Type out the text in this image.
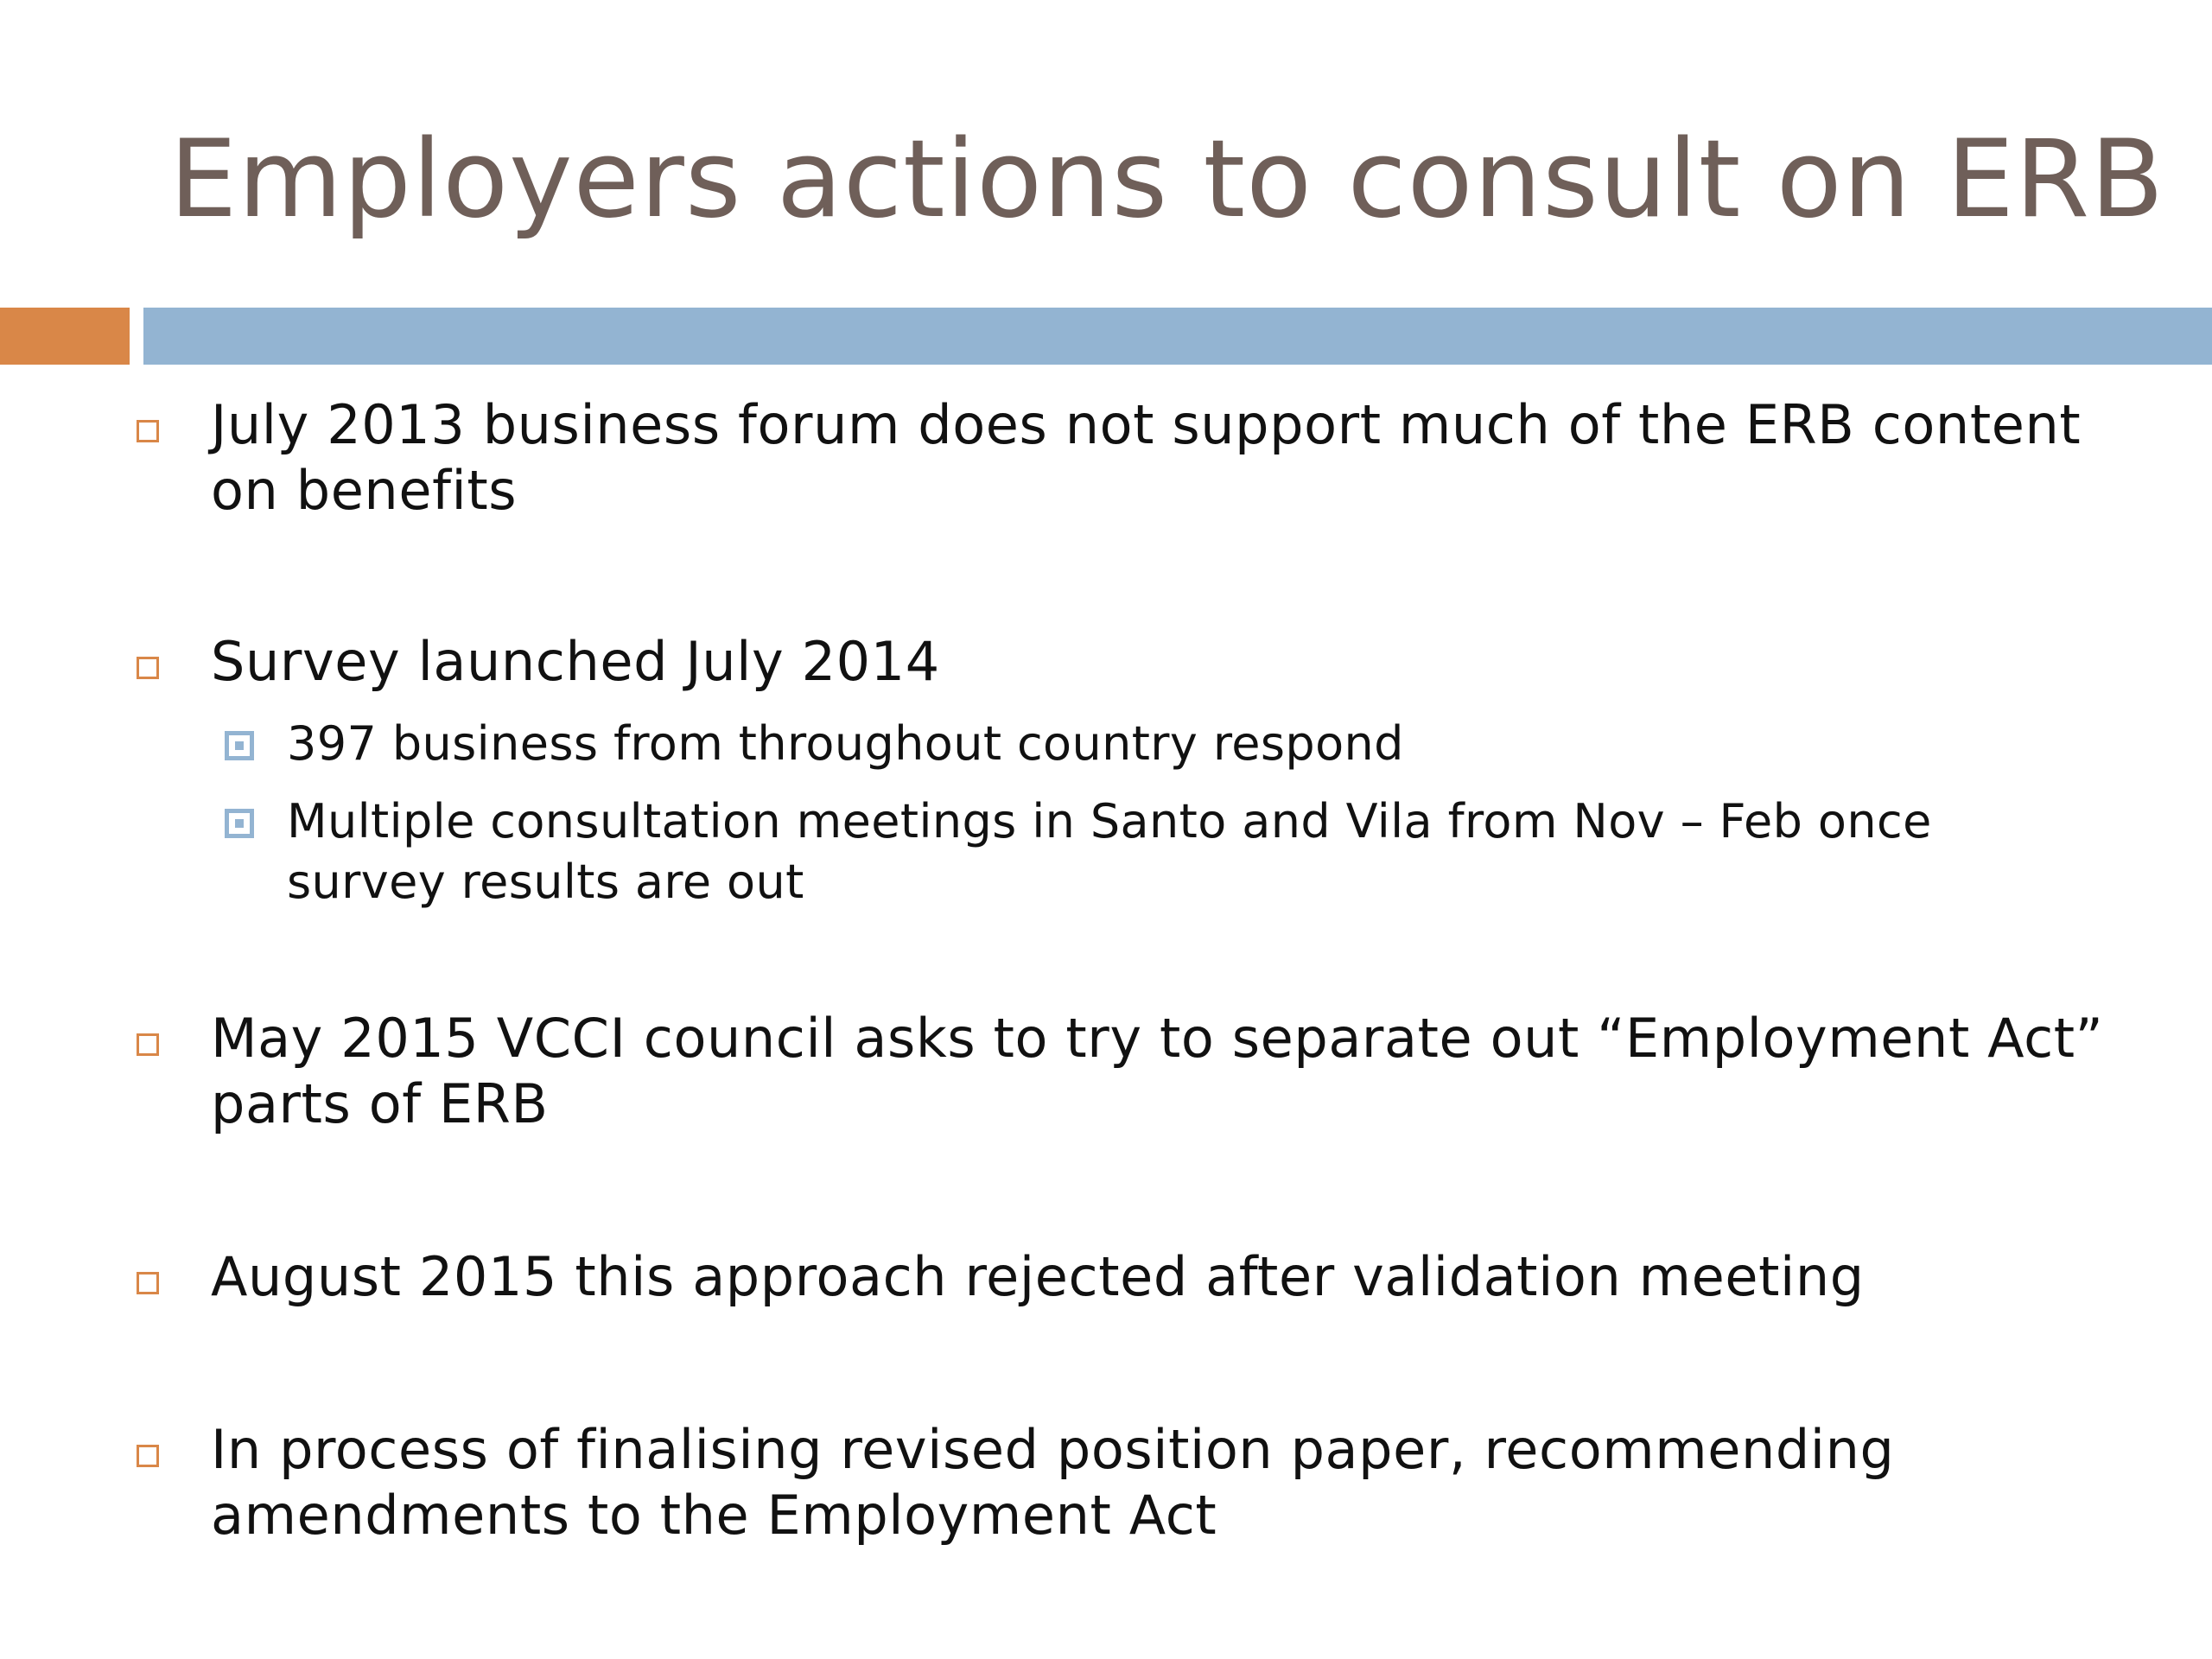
Employers actions to consult on ERB

July 2013 business forum does not support much of the ERB content on benefits

Survey launched July 2014

397 business from throughout country respond

Multiple consultation meetings in Santo and Vila from Nov – Feb once survey results are out

May 2015 VCCI council asks to try to separate out “Employment Act” parts of ERB

August 2015 this approach rejected after validation meeting

In process of finalising revised position paper, recommending amendments to the Employment Act
